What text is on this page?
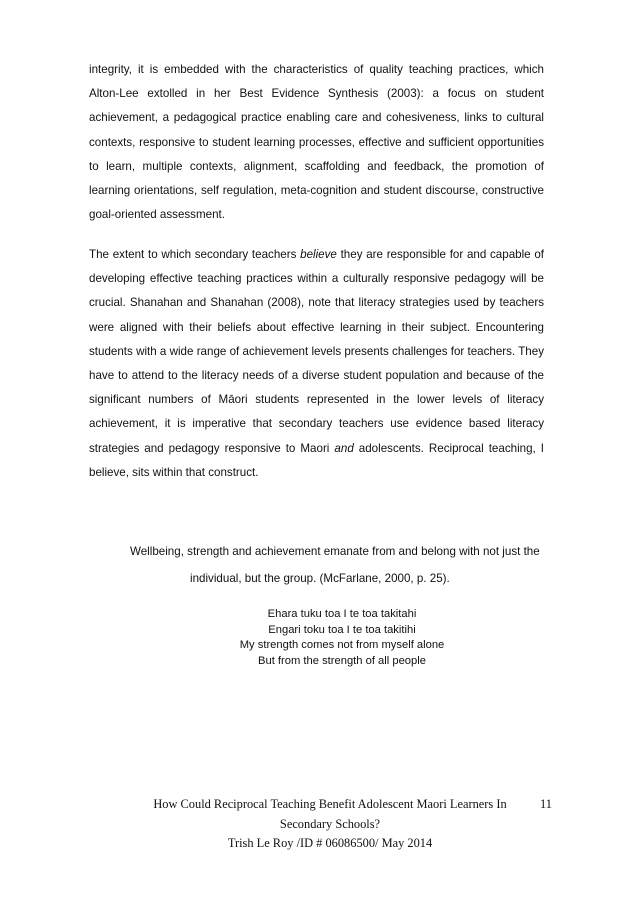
integrity, it is embedded with the characteristics of quality teaching practices, which
Alton-Lee extolled in her Best Evidence Synthesis (2003): a focus on student
achievement, a pedagogical practice enabling care and cohesiveness, links to cultural
contexts, responsive to student learning processes, effective and sufficient opportunities
to learn, multiple contexts, alignment, scaffolding and feedback, the promotion of
learning orientations, self regulation, meta-cognition and student discourse, constructive
goal-oriented assessment.
The extent to which secondary teachers believe they are responsible for and capable of
developing effective teaching practices within a culturally responsive pedagogy will be
crucial. Shanahan and Shanahan (2008), note that literacy strategies used by teachers
were aligned with their beliefs about effective learning in their subject. Encountering
students with a wide range of achievement levels presents challenges for teachers. They
have to attend to the literacy needs of a diverse student population and because of the
significant numbers of Māori students represented in the lower levels of literacy
achievement, it is imperative that secondary teachers use evidence based literacy
strategies and pedagogy responsive to Maori and adolescents. Reciprocal teaching, I
believe, sits within that construct.
Wellbeing, strength and achievement emanate from and belong with not just the
individual, but the group. (McFarlane, 2000, p. 25).
Ehara tuku toa I te toa takitahi
Engari toku toa I te toa takitihi
My strength comes not from myself alone
But from the strength of all people
How Could Reciprocal Teaching Benefit Adolescent Maori Learners In
Secondary Schools?
Trish Le Roy /ID # 06086500/ May 2014
11
